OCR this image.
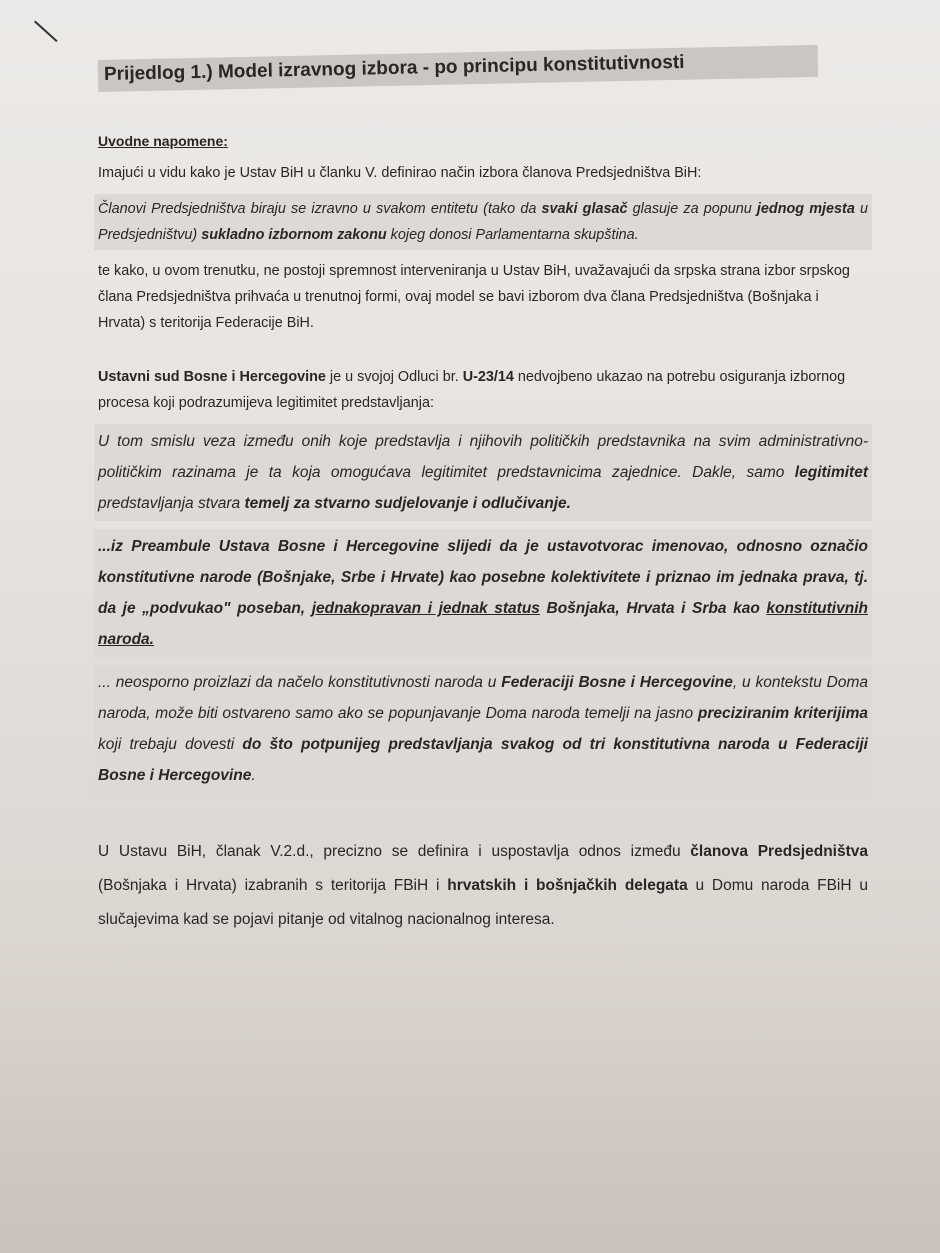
Prijedlog 1.) Model izravnog izbora - po principu konstitutivnosti
Uvodne napomene:

Imajući u vidu kako je Ustav BiH u članku V. definirao način izbora članova Predsjedništva BiH:

Članovi Predsjedništva biraju se izravno u svakom entitetu (tako da svaki glasač glasuje za popunu jednog mjesta u Predsjedništvu) sukladno izbornom zakonu kojeg donosi Parlamentarna skupština.

te kako, u ovom trenutku, ne postoji spremnost interveniranja u Ustav BiH, uvažavajući da srpska strana izbor srpskog člana Predsjedništva prihvaća u trenutnoj formi, ovaj model se bavi izborom dva člana Predsjedništva (Bošnjaka i Hrvata) s teritorija Federacije BiH.

Ustavni sud Bosne i Hercegovine je u svojoj Odluci br. U-23/14 nedvojbeno ukazao na potrebu osiguranja izbornog procesa koji podrazumijeva legitimitet predstavljanja:

U tom smislu veza između onih koje predstavlja i njihovih političkih predstavnika na svim administrativno-političkim razinama je ta koja omogućava legitimitet predstavnicima zajednice. Dakle, samo legitimitet predstavljanja stvara temelj za stvarno sudjelovanje i odlučivanje.

...iz Preambule Ustava Bosne i Hercegovine slijedi da je ustavotvorac imenovao, odnosno označio konstitutivne narode (Bošnjake, Srbe i Hrvate) kao posebne kolektivitete i priznao im jednaka prava, tj. da je „podvukao" poseban, jednakopravan i jednak status Bošnjaka, Hrvata i Srba kao konstitutivnih naroda.

... neosporno proizlazi da načelo konstitutivnosti naroda u Federaciji Bosne i Hercegovine, u kontekstu Doma naroda, može biti ostvareno samo ako se popunjavanje Doma naroda temelji na jasno preciziranim kriterijima koji trebaju dovesti do što potpunijeg predstavljanja svakog od tri konstitutivna naroda u Federaciji Bosne i Hercegovine.

U Ustavu BiH, članak V.2.d., precizno se definira i uspostavlja odnos između članova Predsjedništva (Bošnjaka i Hrvata) izabranih s teritorija FBiH i hrvatskih i bošnjačkih delegata u Domu naroda FBiH u slučajevima kad se pojavi pitanje od vitalnog nacionalnog interesa.
